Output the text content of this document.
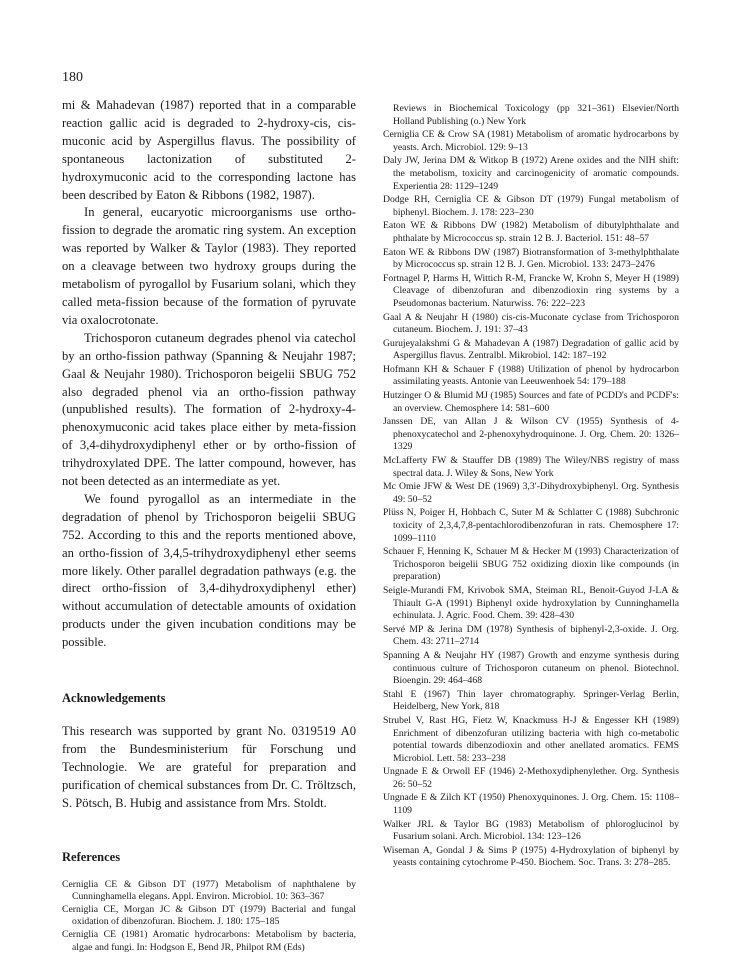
180

mi & Mahadevan (1987) reported that in a comparable reaction gallic acid is degraded to 2-hydroxy-cis, cis-muconic acid by Aspergillus flavus. The possibility of spontaneous lactonization of substituted 2-hydroxymuconic acid to the corresponding lactone has been described by Eaton & Ribbons (1982, 1987).

In general, eucaryotic microorganisms use ortho-fission to degrade the aromatic ring system. An exception was reported by Walker & Taylor (1983). They reported on a cleavage between two hydroxy groups during the metabolism of pyrogallol by Fusarium solani, which they called meta-fission because of the formation of pyruvate via oxalocrotonate.

Trichosporon cutaneum degrades phenol via catechol by an ortho-fission pathway (Spanning & Neujahr 1987; Gaal & Neujahr 1980). Trichosporon beigelii SBUG 752 also degraded phenol via an ortho-fission pathway (unpublished results). The formation of 2-hydroxy-4-phenoxymuconic acid takes place either by meta-fission of 3,4-dihydroxydiphenyl ether or by ortho-fission of trihydroxylated DPE. The latter compound, however, has not been detected as an intermediate as yet.

We found pyrogallol as an intermediate in the degradation of phenol by Trichosporon beigelii SBUG 752. According to this and the reports mentioned above, an ortho-fission of 3,4,5-trihydroxydiphenyl ether seems more likely. Other parallel degradation pathways (e.g. the direct ortho-fission of 3,4-dihydroxydiphenyl ether) without accumulation of detectable amounts of oxidation products under the given incubation conditions may be possible.

Acknowledgements

This research was supported by grant No. 0319519 A0 from the Bundesministerium für Forschung und Technologie. We are grateful for preparation and purification of chemical substances from Dr. C. Tröltzsch, S. Pötsch, B. Hubig and assistance from Mrs. Stoldt.

References

Cerniglia CE & Gibson DT (1977) Metabolism of naphthalene by Cunninghamella elegans. Appl. Environ. Microbiol. 10: 363–367

Cerniglia CE, Morgan JC & Gibson DT (1979) Bacterial and fungal oxidation of dibenzofuran. Biochem. J. 180: 175–185

Cerniglia CE (1981) Aromatic hydrocarbons: Metabolism by bacteria, algae and fungi. In: Hodgson E, Bend JR, Philpot RM (Eds)

Reviews in Biochemical Toxicology (pp 321–361) Elsevier/North Holland Publishing (o.) New York

Cerniglia CE & Crow SA (1981) Metabolism of aromatic hydrocarbons by yeasts. Arch. Microbiol. 129: 9–13

Daly JW, Jerina DM & Witkop B (1972) Arene oxides and the NIH shift: the metabolism, toxicity and carcinogenicity of aromatic compounds. Experientia 28: 1129–1249

Dodge RH, Cerniglia CE & Gibson DT (1979) Fungal metabolism of biphenyl. Biochem. J. 178: 223–230

Eaton WE & Ribbons DW (1982) Metabolism of dibutylphthalate and phthalate by Micrococcus sp. strain 12 B. J. Bacteriol. 151: 48–57

Eaton WE & Ribbons DW (1987) Biotransformation of 3-methylphthalate by Micrococcus sp. strain 12 B. J. Gen. Microbiol. 133: 2473–2476

Fortnagel P, Harms H, Wittich R-M, Francke W, Krohn S, Meyer H (1989) Cleavage of dibenzofuran and dibenzodioxin ring systems by a Pseudomonas bacterium. Naturwiss. 76: 222–223

Gaal A & Neujahr H (1980) cis-cis-Muconate cyclase from Trichosporon cutaneum. Biochem. J. 191: 37–43

Gurujeyalakshmi G & Mahadevan A (1987) Degradation of gallic acid by Aspergillus flavus. Zentralbl. Mikrobiol. 142: 187–192

Hofmann KH & Schauer F (1988) Utilization of phenol by hydrocarbon assimilating yeasts. Antonie van Leeuwenhoek 54: 179–188

Hutzinger O & Blumid MJ (1985) Sources and fate of PCDD's and PCDF's: an overview. Chemosphere 14: 581–600

Janssen DE, van Allan J & Wilson CV (1955) Synthesis of 4-phenoxycatechol and 2-phenoxyhydroquinone. J. Org. Chem. 20: 1326–1329

McLafferty FW & Stauffer DB (1989) The Wiley/NBS registry of mass spectral data. J. Wiley & Sons, New York

Mc Omie JFW & West DE (1969) 3,3′-Dihydroxybiphenyl. Org. Synthesis 49: 50–52

Plüss N, Poiger H, Hohbach C, Suter M & Schlatter C (1988) Subchronic toxicity of 2,3,4,7,8-pentachlorodibenzofuran in rats. Chemosphere 17: 1099–1110

Schauer F, Henning K, Schauer M & Hecker M (1993) Characterization of Trichosporon beigelii SBUG 752 oxidizing dioxin like compounds (in preparation)

Seigle-Murandi FM, Krivobok SMA, Steiman RL, Benoit-Guyod J-LA & Thiault G-A (1991) Biphenyl oxide hydroxylation by Cunninghamella echinulata. J. Agric. Food. Chem. 39: 428–430

Servé MP & Jerina DM (1978) Synthesis of biphenyl-2,3-oxide. J. Org. Chem. 43: 2711–2714

Spanning A & Neujahr HY (1987) Growth and enzyme synthesis during continuous culture of Trichosporon cutaneum on phenol. Biotechnol. Bioengin. 29: 464–468

Stahl E (1967) Thin layer chromatography. Springer-Verlag Berlin, Heidelberg, New York, 818

Strubel V, Rast HG, Fietz W, Knackmuss H-J & Engesser KH (1989) Enrichment of dibenzofuran utilizing bacteria with high co-metabolic potential towards dibenzodioxin and other anellated aromatics. FEMS Microbiol. Lett. 58: 233–238

Ungnade E & Orwoll EF (1946) 2-Methoxydiphenylether. Org. Synthesis 26: 50–52

Ungnade E & Zilch KT (1950) Phenoxyquinones. J. Org. Chem. 15: 1108–1109

Walker JRL & Taylor BG (1983) Metabolism of phloroglucinol by Fusarium solani. Arch. Microbiol. 134: 123–126

Wiseman A, Gondal J & Sims P (1975) 4-Hydroxylation of biphenyl by yeasts containing cytochrome P-450. Biochem. Soc. Trans. 3: 278–285.
